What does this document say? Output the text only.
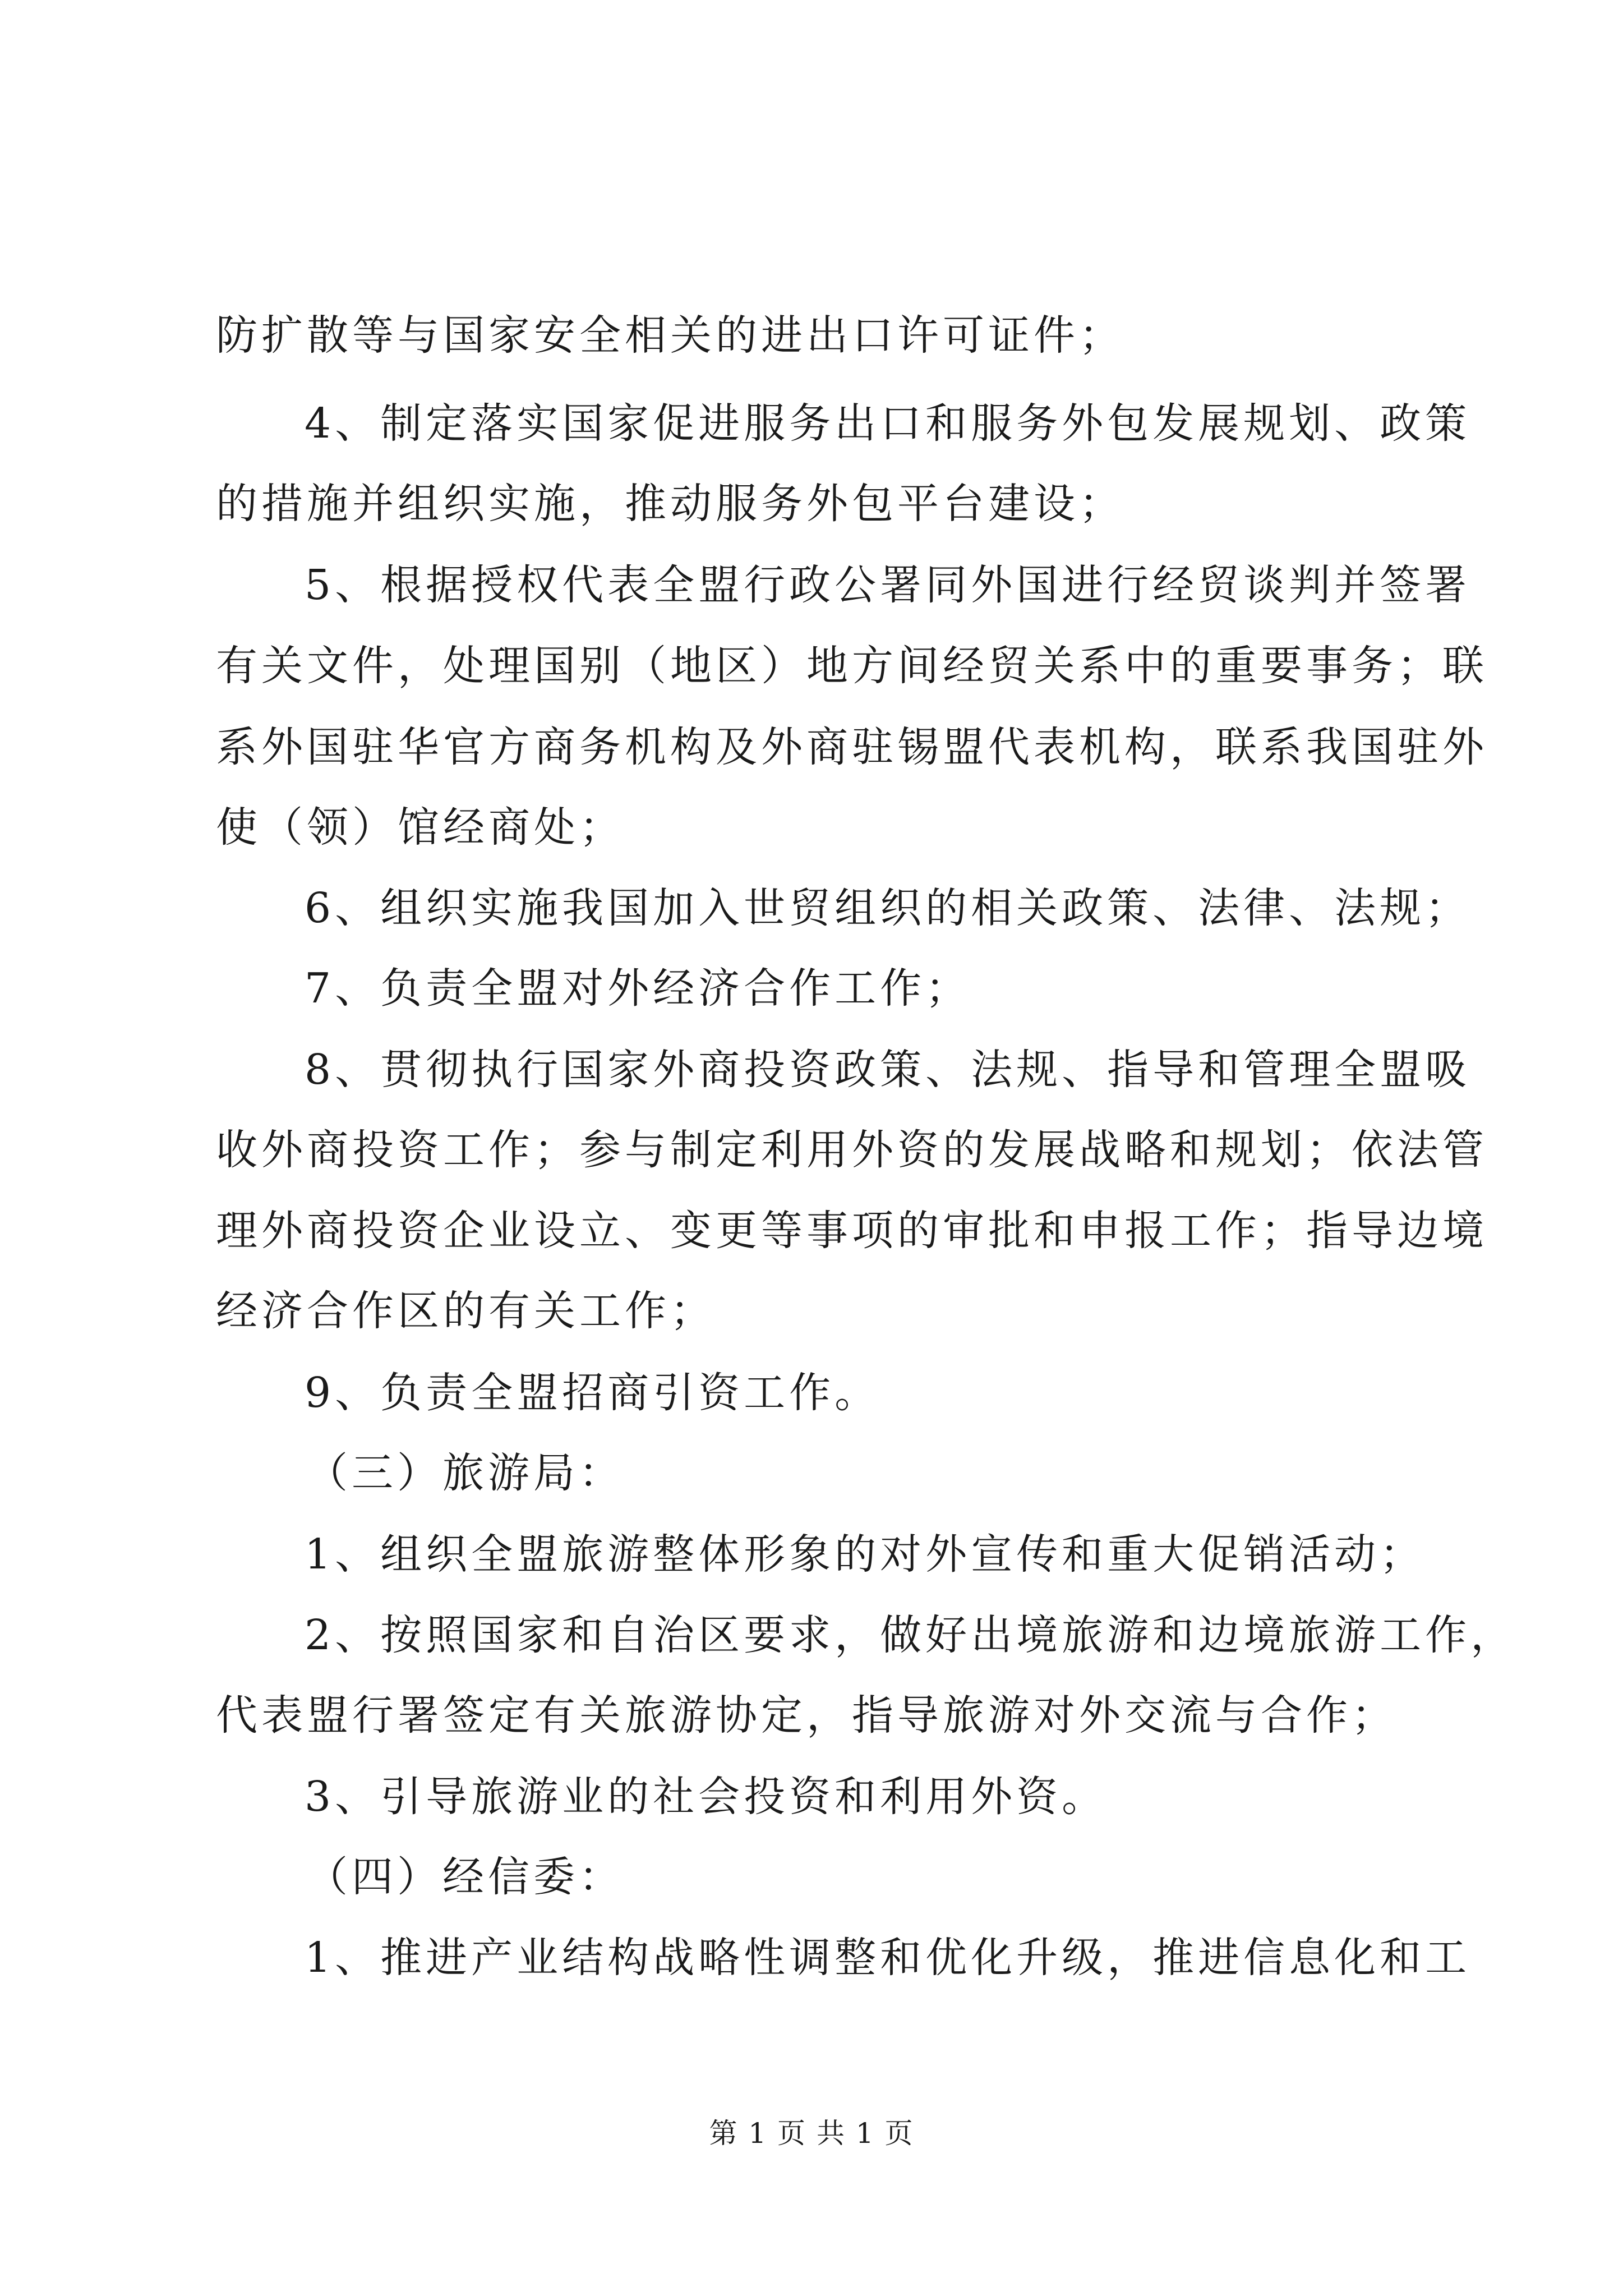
防扩散等与国家安全相关的进出口许可证件；
4、制定落实国家促进服务出口和服务外包发展规划、政策
的措施并组织实施，推动服务外包平台建设；
5、根据授权代表全盟行政公署同外国进行经贸谈判并签署
有关文件，处理国别（地区）地方间经贸关系中的重要事务；联
系外国驻华官方商务机构及外商驻锡盟代表机构，联系我国驻外
使（领）馆经商处；
6、组织实施我国加入世贸组织的相关政策、法律、法规；
7、负责全盟对外经济合作工作；
8、贯彻执行国家外商投资政策、法规、指导和管理全盟吸
收外商投资工作；参与制定利用外资的发展战略和规划；依法管
理外商投资企业设立、变更等事项的审批和申报工作；指导边境
经济合作区的有关工作；
9、负责全盟招商引资工作。
（三）旅游局：
1、组织全盟旅游整体形象的对外宣传和重大促销活动；
2、按照国家和自治区要求，做好出境旅游和边境旅游工作，
代表盟行署签定有关旅游协定，指导旅游对外交流与合作；
3、引导旅游业的社会投资和利用外资。
（四）经信委：
1、推进产业结构战略性调整和优化升级，推进信息化和工
第 1 页 共 1 页
